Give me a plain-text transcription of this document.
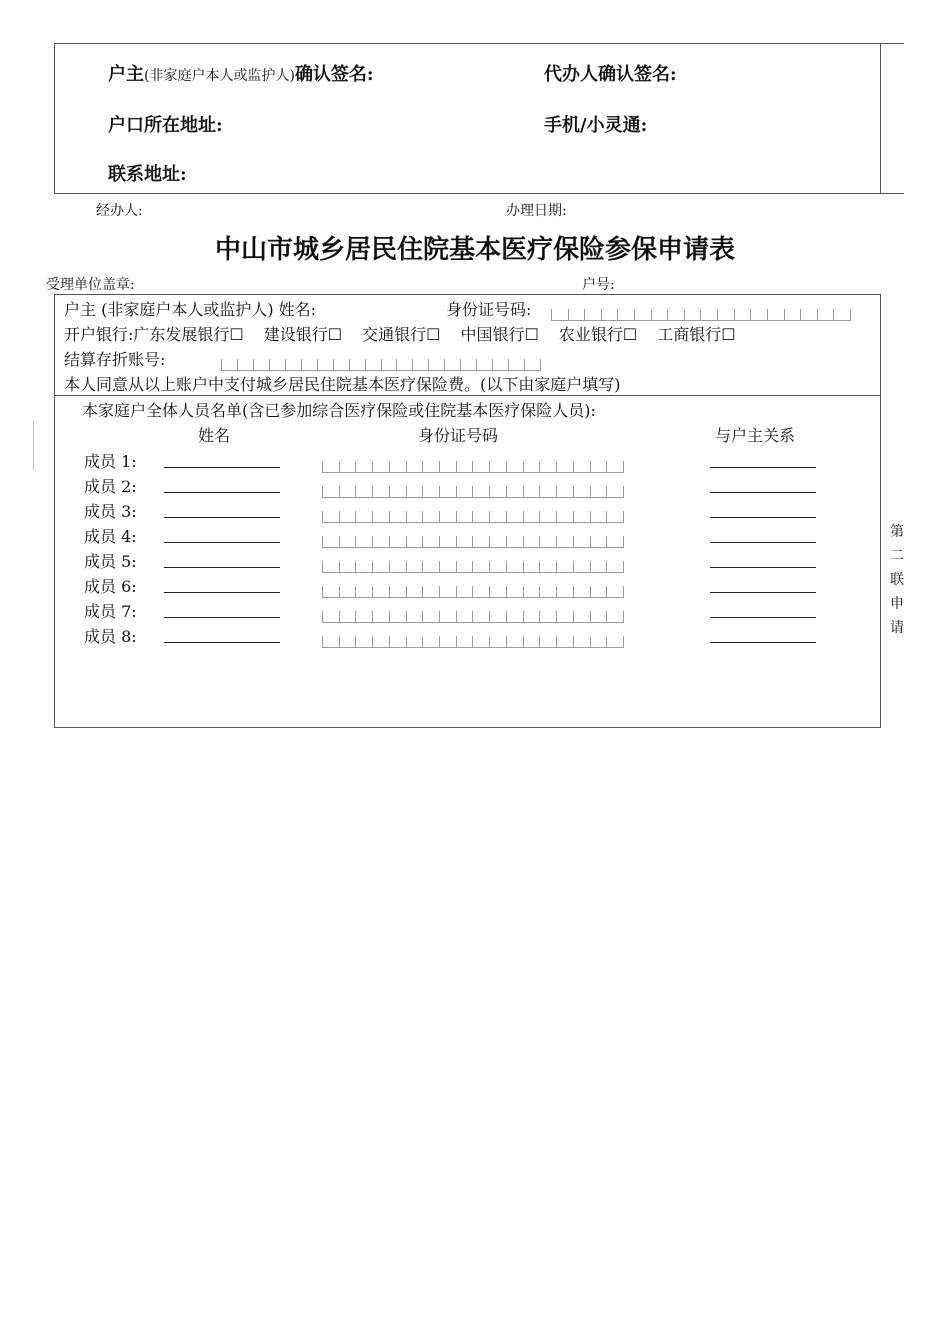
户主(非家庭户本人或监护人)确认签名:	代办人确认签名:
户口所在地址:	手机/小灵通:
联系地址:
经办人:	办理日期:
中山市城乡居民住院基本医疗保险参保申请表
受理单位盖章:	户号:
户主 (非家庭户本人或监护人) 姓名:	身份证号码:
开户银行:广东发展银行☐ 建设银行☐ 交通银行☐ 中国银行☐ 农业银行☐ 工商银行☐
结算存折账号:
本人同意从以上账户中支付城乡居民住院基本医疗保险费。(以下由家庭户填写)
本家庭户全体人员名单(含已参加综合医疗保险或住院基本医疗保险人员):
姓名	身份证号码	与户主关系
成员 1:
成员 2:
成员 3:
成员 4:
成员 5:
成员 6:
成员 7:
成员 8:
第
二
联
申
请
